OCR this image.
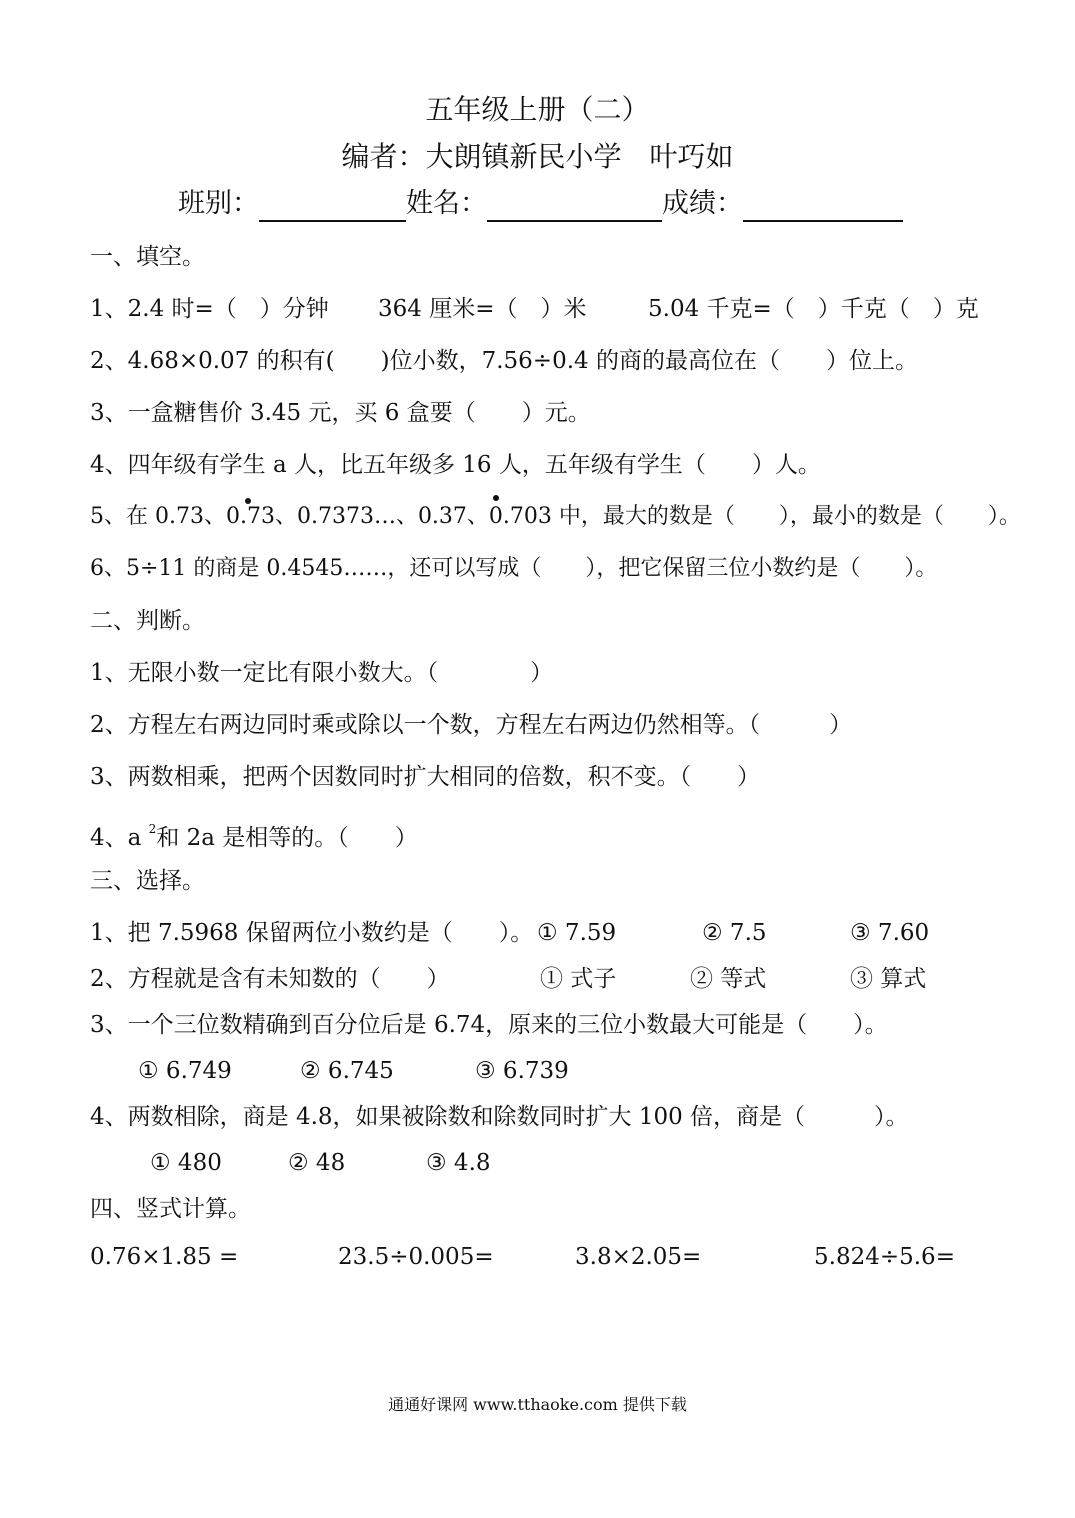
五年级上册（二）
编者：大朗镇新民小学　叶巧如
班别：	姓名：	成绩：
一、填空。
1、2.4 时=（　）分钟 364 厘米=（　）米	5.04 千克=（　）千克（　）克
2、4.68×0.07 的积有(　　)位小数，7.56÷0.4 的商的最高位在（　　）位上。
3、一盒糖售价 3.45 元，买 6 盒要（　　）元。
4、四年级有学生 a 人，比五年级多 16 人，五年级有学生（　　）人。
5、在 0.73、0.73、0.7373…、0.37、0.703 中，最大的数是（　　），最小的数是（　　）。
6、5÷11 的商是 0.4545……，还可以写成（　　），把它保留三位小数约是（　　）。
二、判断。
1、无限小数一定比有限小数大。（　　　　）
2、方程左右两边同时乘或除以一个数，方程左右两边仍然相等。（　　　）
3、两数相乘，把两个因数同时扩大相同的倍数，积不变。（　　）
4、a $^2$和 2a 是相等的。（　　）
三、选择。
1、把 7.5968 保留两位小数约是（　　）。 ① 7.59	② 7.5	③ 7.60
2、方程就是含有未知数的（　　）	① 式子	② 等式	③ 算式
3、一个三位数精确到百分位后是 6.74，原来的三位小数最大可能是（　　）。
① 6.749	② 6.745	③ 6.739
4、两数相除，商是 4.8，如果被除数和除数同时扩大 100 倍，商是（　　　）。
① 480	② 48	③ 4.8
四、竖式计算。
0.76×1.85 =	23.5÷0.005=	3.8×2.05=	5.824÷5.6=
通通好课网 www.tthaoke.com 提供下载
